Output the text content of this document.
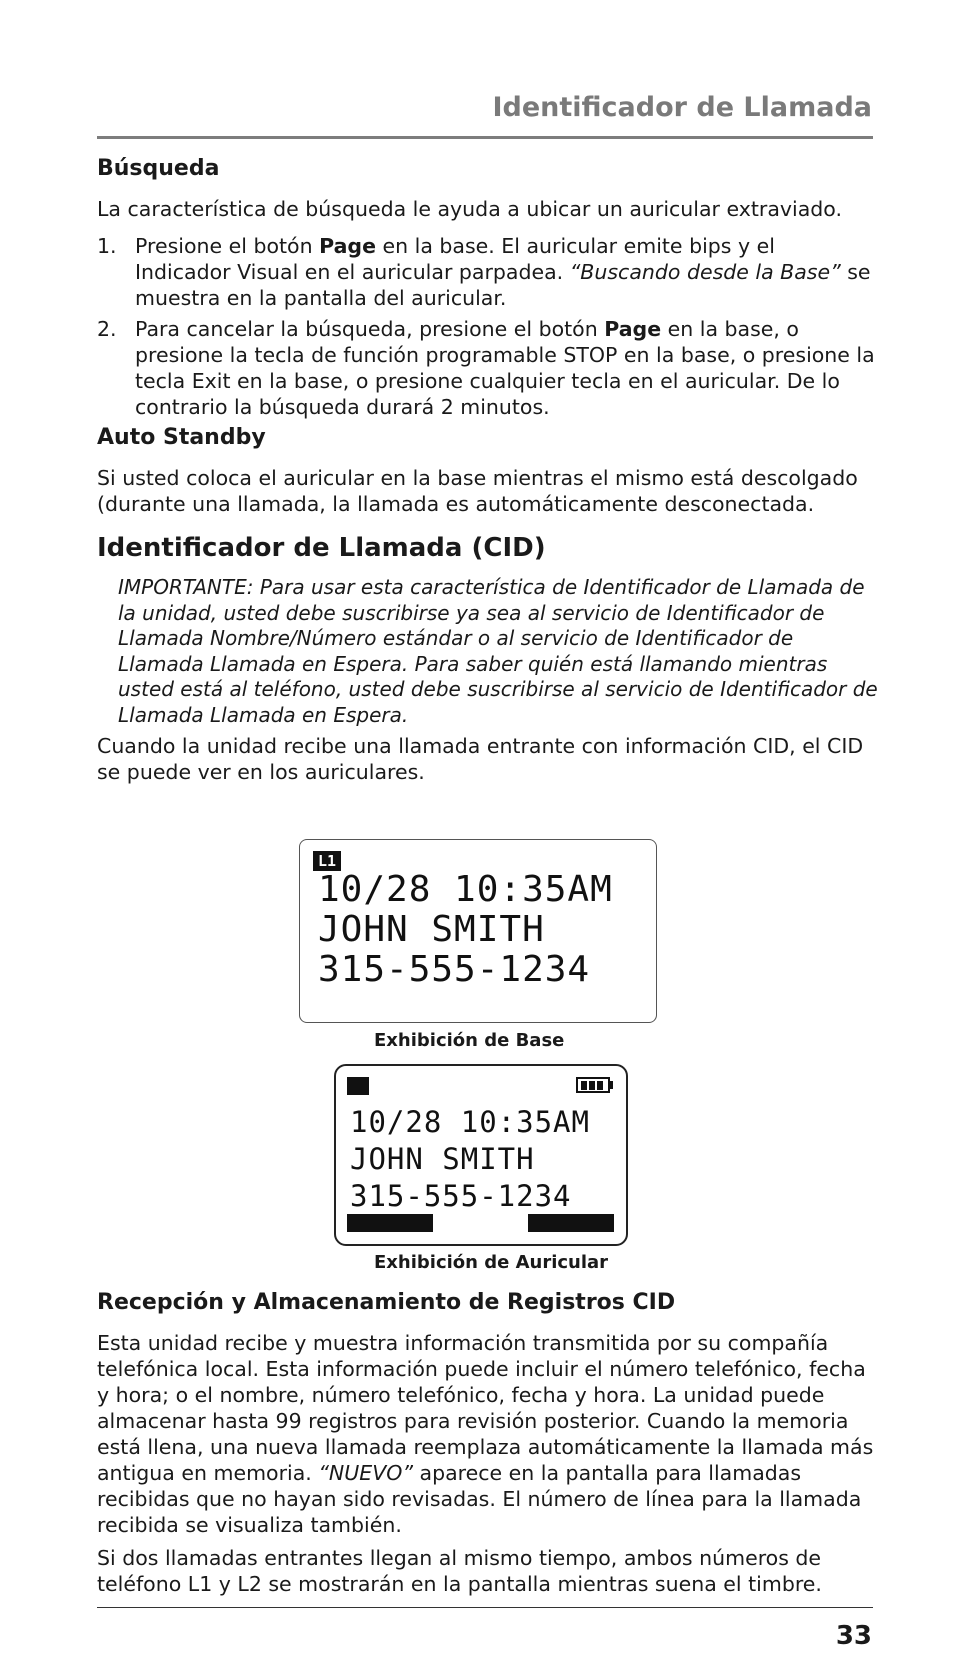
Identificador de Llamada
Búsqueda

La característica de búsqueda le ayuda a ubicar un auricular extraviado.

1. Presione el botón Page en la base. El auricular emite bips y el Indicador Visual en el auricular parpadea. “Buscando desde la Base” se muestra en la pantalla del auricular.

2. Para cancelar la búsqueda, presione el botón Page en la base, o presione la tecla de función programable STOP en la base, o presione la tecla Exit en la base, o presione cualquier tecla en el auricular. De lo contrario la búsqueda durará 2 minutos.

Auto Standby

Si usted coloca el auricular en la base mientras el mismo está descolgado (durante una llamada, la llamada es automáticamente desconectada.

Identificador de Llamada (CID)

IMPORTANTE: Para usar esta característica de Identificador de Llamada de la unidad, usted debe suscribirse ya sea al servicio de Identificador de Llamada Nombre/Número estándar o al servicio de Identificador de Llamada Llamada en Espera. Para saber quién está llamando mientras usted está al teléfono, usted debe suscribirse al servicio de Identificador de Llamada Llamada en Espera.

Cuando la unidad recibe una llamada entrante con información CID, el CID se puede ver en los auriculares.

L1
10/28 10:35AM
JOHN SMITH
315-555-1234
Exhibición de Base
10/28 10:35AM
JOHN SMITH
315-555-1234
Exhibición de Auricular
Recepción y Almacenamiento de Registros CID

Esta unidad recibe y muestra información transmitida por su compañía telefónica local. Esta información puede incluir el número telefónico, fecha y hora; o el nombre, número telefónico, fecha y hora. La unidad puede almacenar hasta 99 registros para revisión posterior. Cuando la memoria está llena, una nueva llamada reemplaza automáticamente la llamada más antigua en memoria. “NUEVO” aparece en la pantalla para llamadas recibidas que no hayan sido revisadas. El número de línea para la llamada recibida se visualiza también.

Si dos llamadas entrantes llegan al mismo tiempo, ambos números de teléfono L1 y L2 se mostrarán en la pantalla mientras suena el timbre.

33
